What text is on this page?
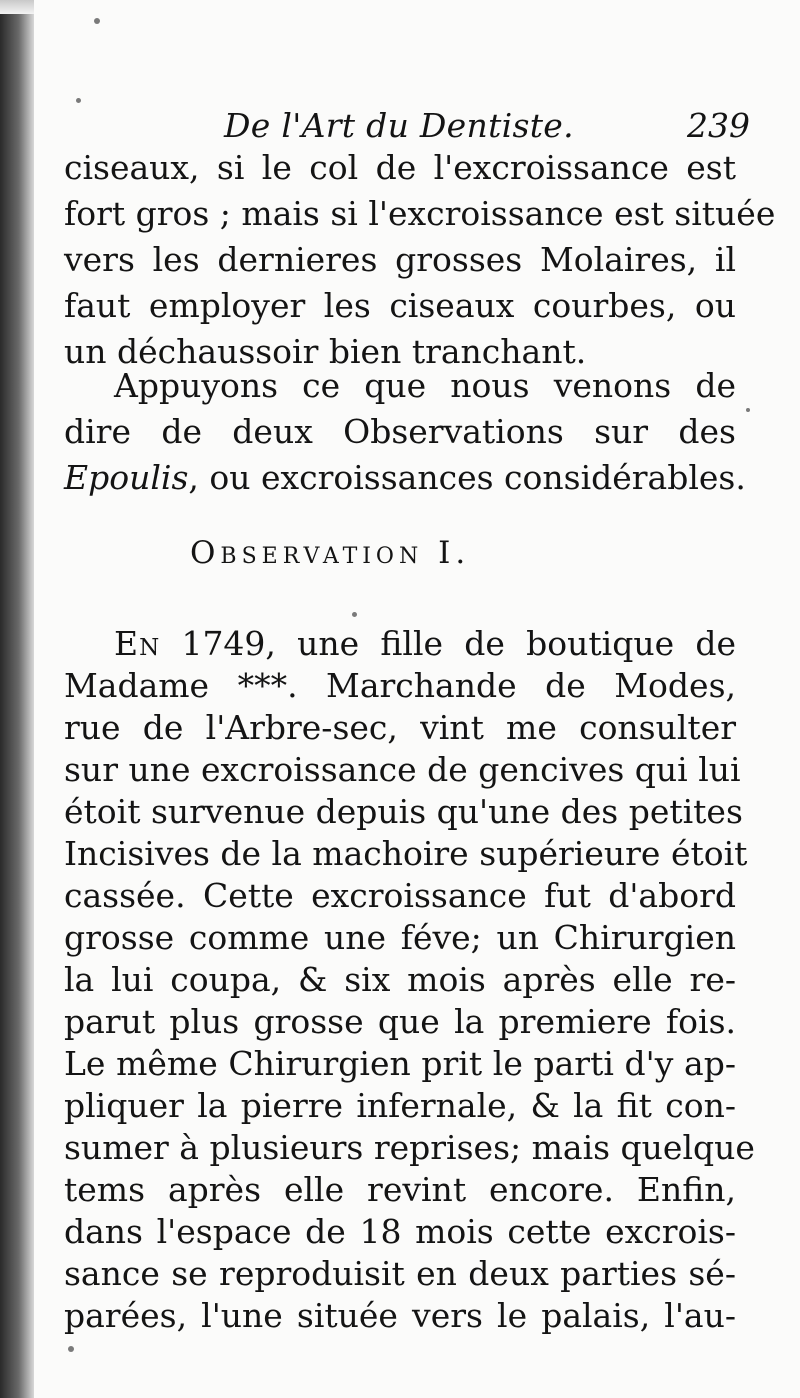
De l'Art du Dentiste.	239
ciseaux, si le col de l'excroissance est
fort gros ; mais si l'excroissance est située
vers les dernieres grosses Molaires, il
faut employer les ciseaux courbes, ou
un déchaussoir bien tranchant.
Appuyons ce que nous venons de
dire de deux Observations sur des
Epoulis, ou excroissances considérables.
Observation I.
En 1749, une fille de boutique de
Madame ***. Marchande de Modes,
rue de l'Arbre-sec, vint me consulter
sur une excroissance de gencives qui lui
étoit survenue depuis qu'une des petites
Incisives de la machoire supérieure étoit
cassée. Cette excroissance fut d'abord
grosse comme une féve; un Chirurgien
la lui coupa, & six mois après elle re-
parut plus grosse que la premiere fois.
Le même Chirurgien prit le parti d'y ap-
pliquer la pierre infernale, & la fit con-
sumer à plusieurs reprises; mais quelque
tems après elle revint encore. Enfin,
dans l'espace de 18 mois cette excrois-
sance se reproduisit en deux parties sé-
parées, l'une située vers le palais, l'au-
